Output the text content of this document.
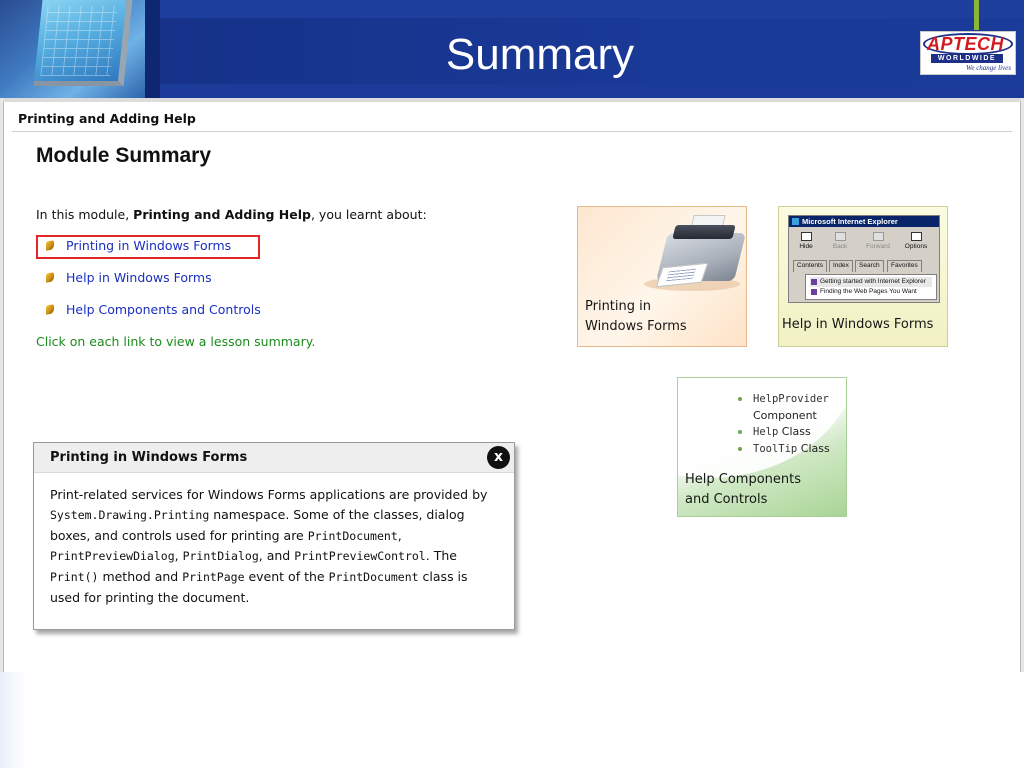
Summary	APTECH
WORLDWIDE
We change lives
Printing and Adding Help
Module Summary
In this module, Printing and Adding Help, you learnt about:
Printing in Windows Forms
Help in Windows Forms
Help Components and Controls
Click on each link to view a lesson summary.
Printing in
Windows Forms
Microsoft Internet Explorer
Hide	Back	Forward	Options
Contents	Index	Search	Favorites
Getting started with Internet Explorer
Finding the Web Pages You Want
Help in Windows Forms
HelpProvider
Component
Help Class
ToolTip Class
Help Components
and Controls
Printing in Windows Forms	x
Print-related services for Windows Forms applications are provided by System.Drawing.Printing namespace. Some of the classes, dialog boxes, and controls used for printing are PrintDocument, PrintPreviewDialog, PrintDialog, and PrintPreviewControl. The Print() method and PrintPage event of the PrintDocument class is used for printing the document.
